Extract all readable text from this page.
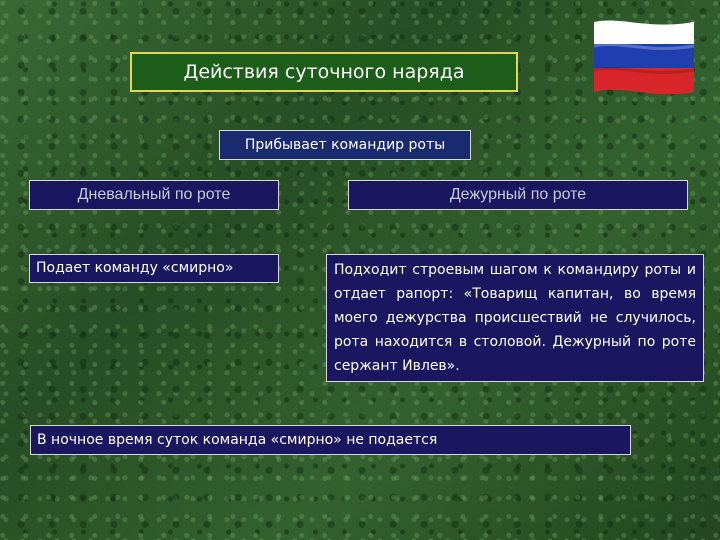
Действия суточного наряда
Прибывает командир роты
Дневальный по роте	Дежурный по роте
Подает команду «смирно»	Подходит строевым шагом к командиру роты и отдает рапорт: «Товарищ капитан, во время моего дежурства происшествий не случилось, рота находится в столовой. Дежурный по роте сержант Ивлев».
В ночное время суток команда «смирно» не подается
